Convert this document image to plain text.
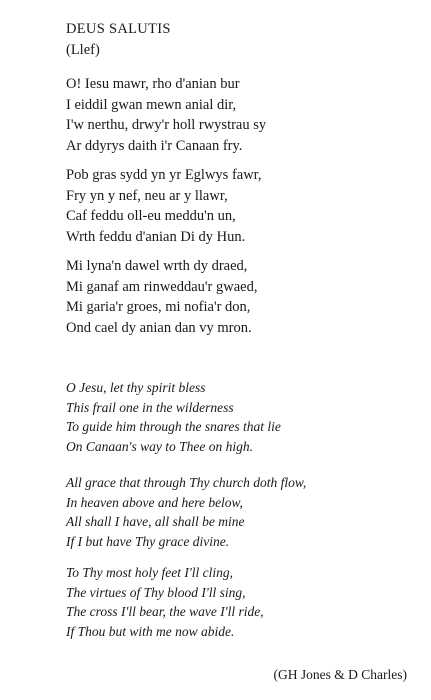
DEUS SALUTIS
(Llef)
O! Iesu mawr, rho d'anian bur
I eiddil gwan mewn anial dir,
I'w nerthu, drwy'r holl rwystrau sy
Ar ddyrys daith i'r Canaan fry.
Pob gras sydd yn yr Eglwys fawr,
Fry yn y nef, neu ar y llawr,
Caf feddu oll-eu meddu'n un,
Wrth feddu d'anian Di dy Hun.
Mi lyna'n dawel wrth dy draed,
Mi ganaf am rinweddau'r gwaed,
Mi garia'r groes, mi nofia'r don,
Ond cael dy anian dan vy mron.
O Jesu, let thy spirit bless
This frail one in the wilderness
To guide him through the snares that lie
On Canaan's way to Thee on high.
All grace that through Thy church doth flow,
In heaven above and here below,
All shall I have, all shall be mine
If I but have Thy grace divine.
To Thy most holy feet I'll cling,
The virtues of Thy blood I'll sing,
The cross I'll bear, the wave I'll ride,
If Thou but with me now abide.
(GH Jones & D Charles)
